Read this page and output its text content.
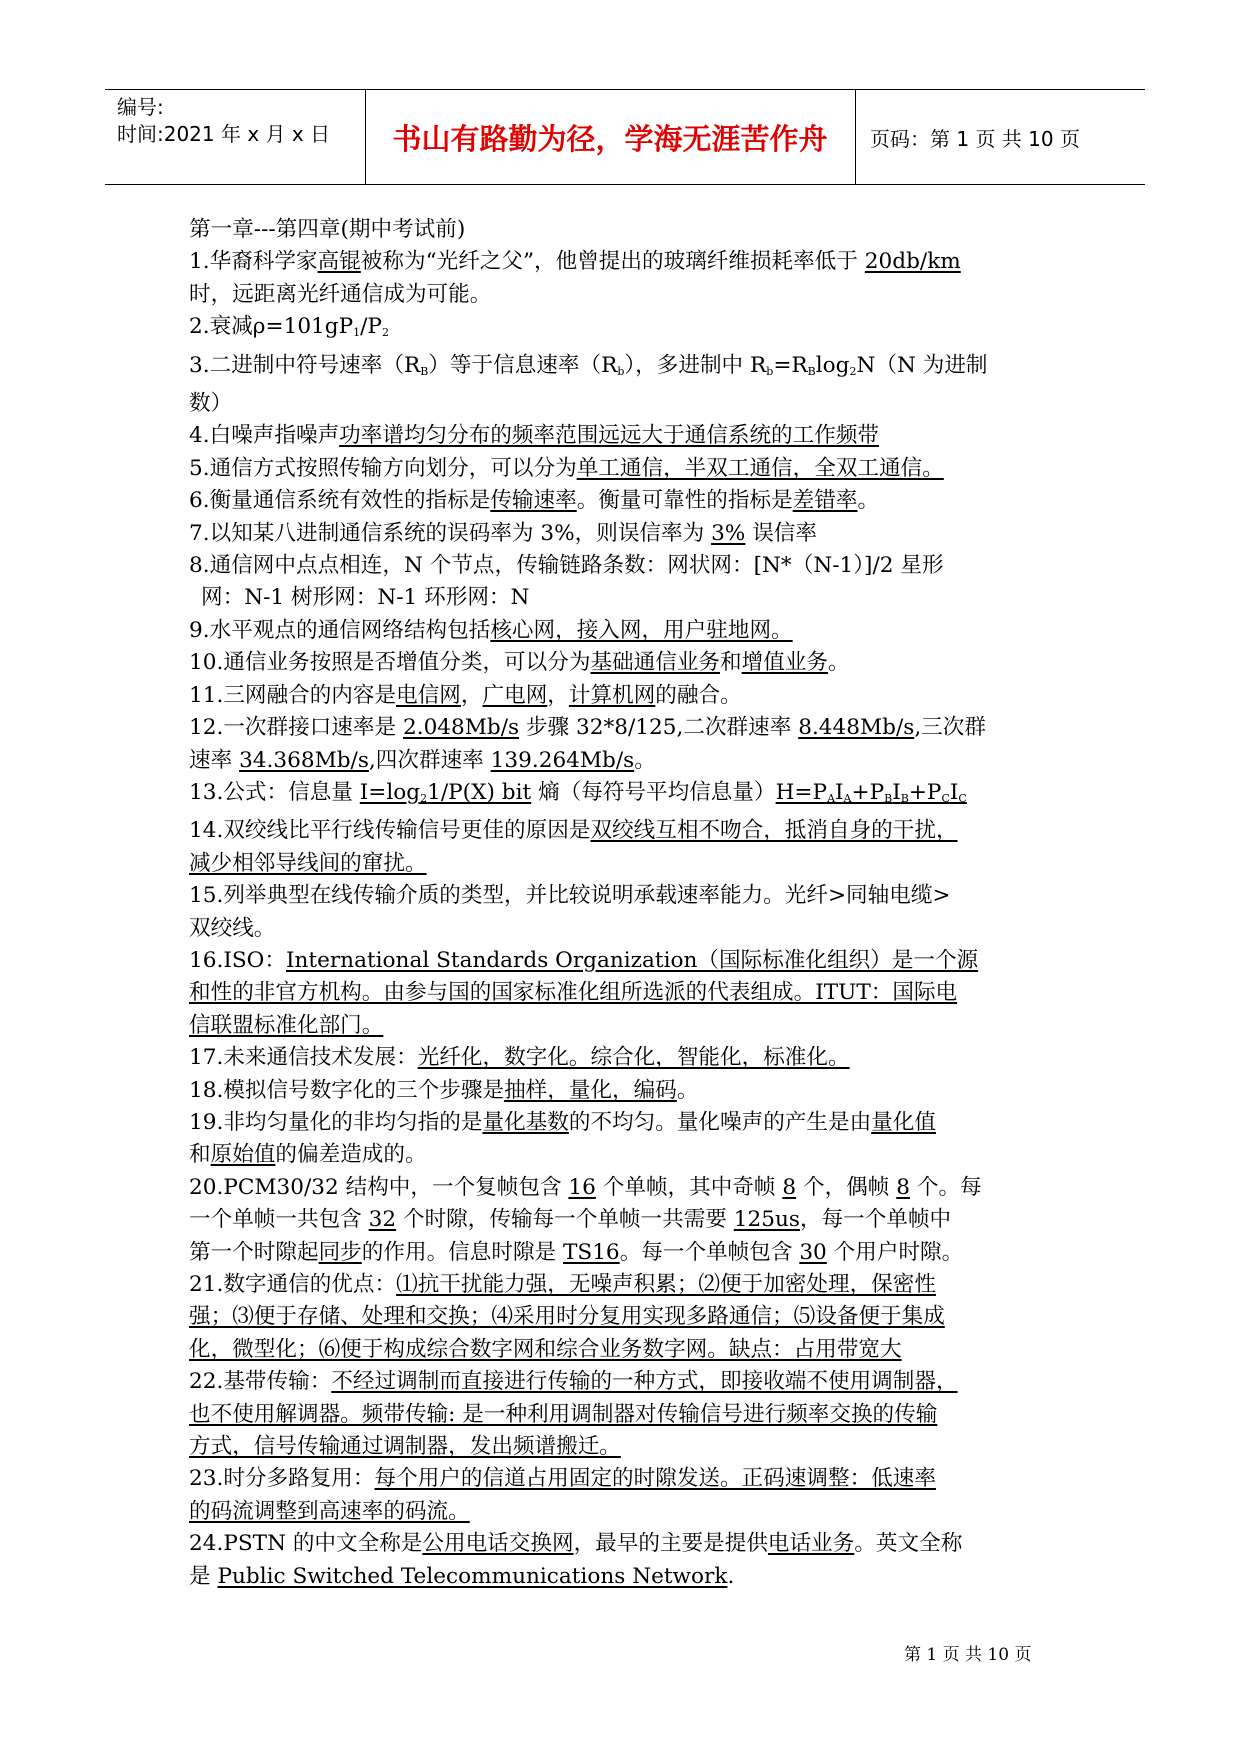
编号:
时间:2021 年 x 月 x 日	书山有路勤为径，学海无涯苦作舟	页码：第 1 页 共 10 页
第一章---第四章(期中考试前)
1.华裔科学家高锟被称为“光纤之父”，他曾提出的玻璃纤维损耗率低于 20db/km
时，远距离光纤通信成为可能。
2.衰减$\rho=101gP_1/P_2$
3.二进制中符号速率$(R_B)$等于信息速率$(R_b)$，多进制中 $R_b=R_B\log_2N(N$ 为进制
数）
4.白噪声指噪声功率谱均匀分布的频率范围远远大于通信系统的工作频带
5.通信方式按照传输方向划分，可以分为单工通信，半双工通信，全双工通信。
6.衡量通信系统有效性的指标是传输速率。衡量可靠性的指标是差错率。
7.以知某八进制通信系统的误码率为 3%，则误信率为 3% 误信率
8.通信网中点点相连，N 个节点，传输链路条数：网状网：[N*（N-1）]/2 星形
网：N-1 树形网：N-1 环形网：N
9.水平观点的通信网络结构包括核心网，接入网，用户驻地网。
10.通信业务按照是否增值分类，可以分为基础通信业务和增值业务。
11.三网融合的内容是电信网，广电网，计算机网的融合。
12.一次群接口速率是 2.048Mb/s 步骤 32*8/125,二次群速率 8.448Mb/s,三次群
速率 34.368Mb/s,四次群速率 139.264Mb/s。
13.公式：信息量 $I=\log_21/P(X)$ bit 熵（每符号平均信息量）$H=P_AI_A+P_BI_B+P_CI_C$
14.双绞线比平行线传输信号更佳的原因是双绞线互相不吻合，抵消自身的干扰，
减少相邻导线间的窜扰。
15.列举典型在线传输介质的类型，并比较说明承载速率能力。光纤>同轴电缆>
双绞线。
16.ISO：International Standards Organization（国际标准化组织）是一个源
和性的非官方机构。由参与国的国家标准化组所选派的代表组成。ITUT：国际电
信联盟标准化部门。
17.未来通信技术发展：光纤化，数字化。综合化，智能化，标准化。
18.模拟信号数字化的三个步骤是抽样，量化，编码。
19.非均匀量化的非均匀指的是量化基数的不均匀。量化噪声的产生是由量化值
和原始值的偏差造成的。
20.PCM30/32 结构中，一个复帧包含 16 个单帧，其中奇帧 8 个，偶帧 8 个。每
一个单帧一共包含 32 个时隙，传输每一个单帧一共需要 125us，每一个单帧中
第一个时隙起同步的作用。信息时隙是 TS16。每一个单帧包含 30 个用户时隙。
21.数字通信的优点：⑴抗干扰能力强，无噪声积累；⑵便于加密处理，保密性
强；⑶便于存储、处理和交换；⑷采用时分复用实现多路通信；⑸设备便于集成
化，微型化；⑹便于构成综合数字网和综合业务数字网。缺点：占用带宽大
22.基带传输：不经过调制而直接进行传输的一种方式，即接收端不使用调制器，
也不使用解调器。频带传输: 是一种利用调制器对传输信号进行频率交换的传输
方式，信号传输通过调制器，发出频谱搬迁。
23.时分多路复用：每个用户的信道占用固定的时隙发送。正码速调整：低速率
的码流调整到高速率的码流。
24.PSTN 的中文全称是公用电话交换网，最早的主要是提供电话业务。英文全称
是 Public Switched Telecommunications Network.
第 1 页 共 10 页
